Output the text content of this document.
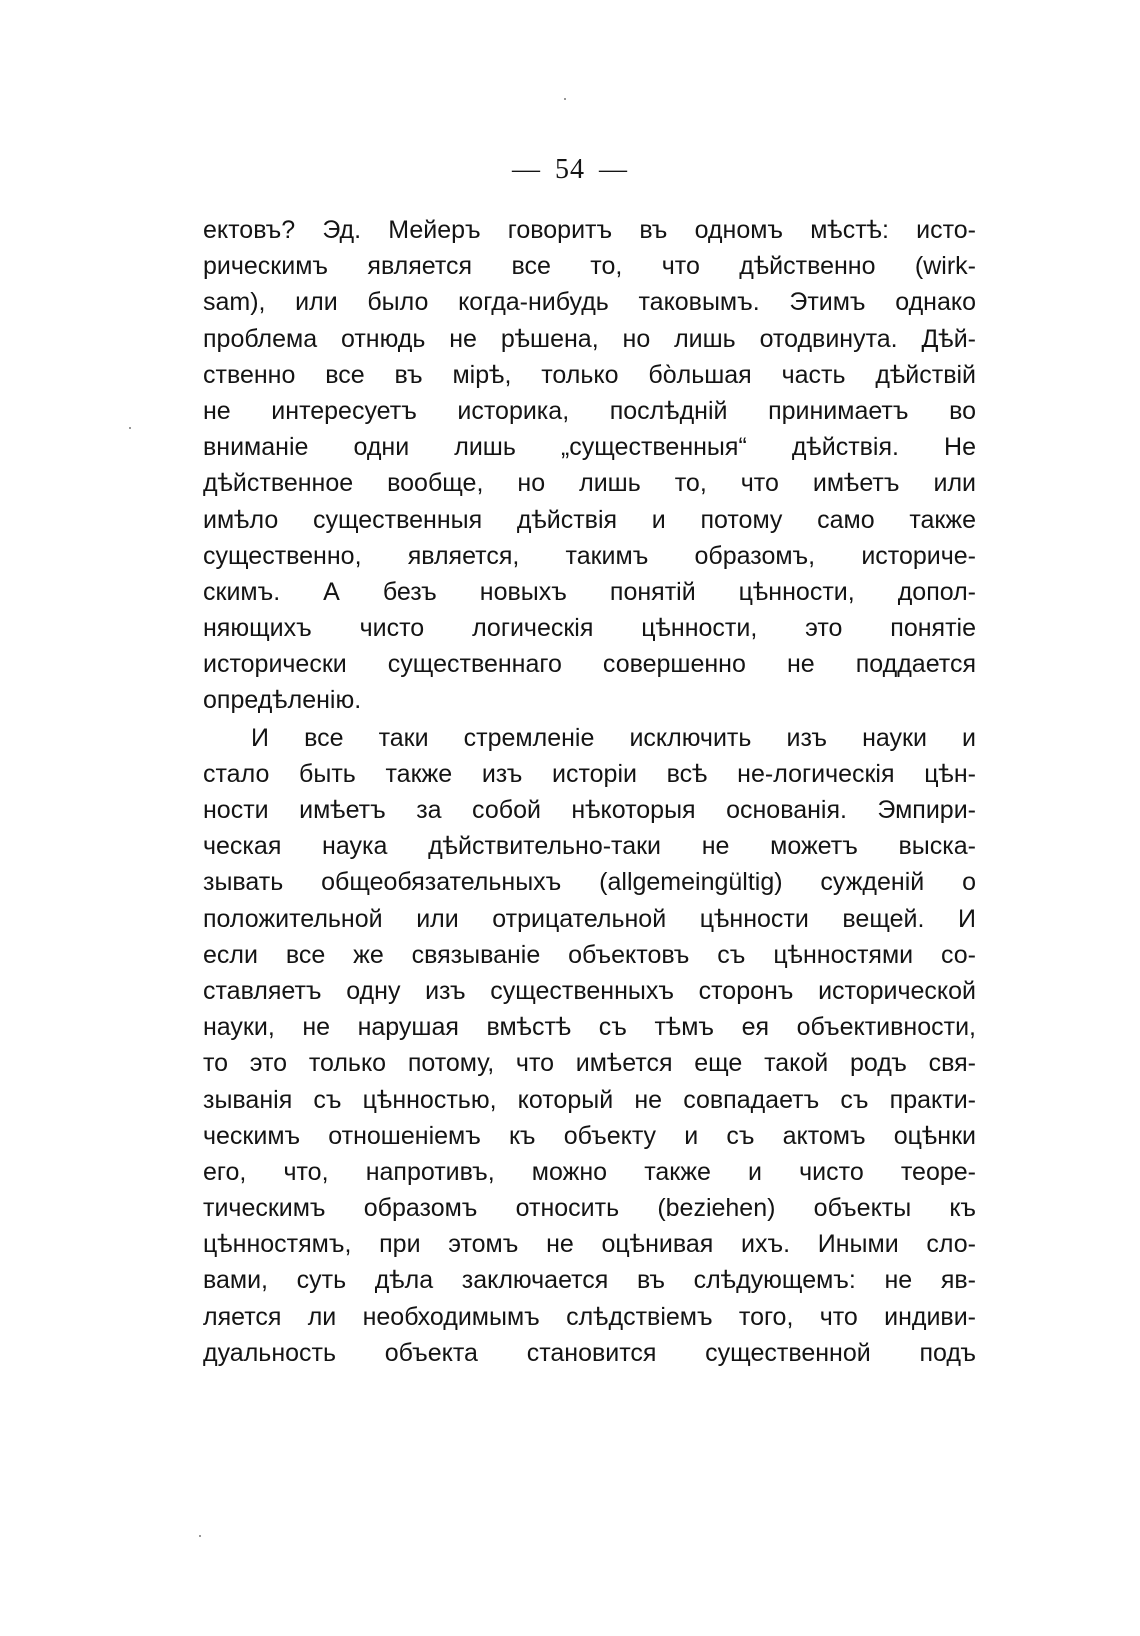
— 54 —
ектовъ? Эд. Мейеръ говоритъ въ одномъ мѣстѣ: исто-
рическимъ является все то, что дѣйственно (wirk-
sam), или было когда-нибудь таковымъ. Этимъ однако
проблема отнюдь не рѣшена, но лишь отодвинута. Дѣй-
ственно все въ мірѣ, только бо̀льшая часть дѣйствій
не интересуетъ историка, послѣдній принимаетъ во
вниманіе одни лишь „существенныя“ дѣйствія. Не
дѣйственное вообще, но лишь то, что имѣетъ или
имѣло существенныя дѣйствія и потому само также
существенно, является, такимъ образомъ, историче-
скимъ. А безъ новыхъ понятій цѣнности, допол-
няющихъ чисто логическія цѣнности, это понятіе
исторически существеннаго совершенно не поддается
опредѣленію.
И все таки стремленіе исключить изъ науки и
стало быть также изъ исторіи всѣ не-логическія цѣн-
ности имѣетъ за собой нѣкоторыя основанія. Эмпири-
ческая наука дѣйствительно-таки не можетъ выска-
зывать общеобязательныхъ (allgemeingültig) сужденій о
положительной или отрицательной цѣнности вещей. И
если все же связываніе объектовъ съ цѣнностями со-
ставляетъ одну изъ существенныхъ сторонъ исторической
науки, не нарушая вмѣстѣ съ тѣмъ ея объективности,
то это только потому, что имѣется еще такой родъ свя-
зыванія съ цѣнностью, который не совпадаетъ съ практи-
ческимъ отношеніемъ къ объекту и съ актомъ оцѣнки
его, что, напротивъ, можно также и чисто теоре-
тическимъ образомъ относить (beziehen) объекты къ
цѣнностямъ, при этомъ не оцѣнивая ихъ. Иными сло-
вами, суть дѣла заключается въ слѣдующемъ: не яв-
ляется ли необходимымъ слѣдствіемъ того, что индиви-
дуальность объекта становится существенной подъ
